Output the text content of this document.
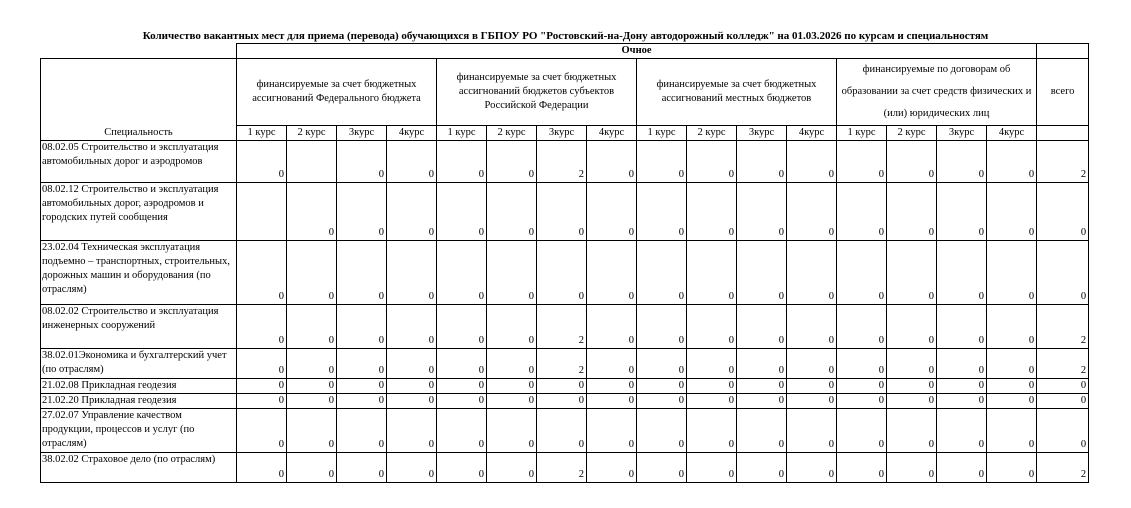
Количество вакантных мест для приема (перевода) обучающихся в ГБПОУ РО "Ростовский-на-Дону автодорожный колледж" на 01.03.2026 по курсам и специальностям
	Очное																
Специальность	финансируемые за счет бюджетных ассигнований Федерального бюджета				финансируемые за счет бюджетных ассигнований бюджетов субъектов Российской Федерации				финансируемые за счет бюджетных ассигнований местных бюджетов				финансируемые по договорам об образовании за счет средств физических и (или) юридических лиц				всего
	1 курс	2 курс	3курс	4курс	1 курс	2 курс	3курс	4курс	1 курс	2 курс	3курс	4курс	1 курс	2 курс	3курс	4курс	
08.02.05 Строительство и эксплуатация автомобильных дорог и аэродромов	0		0	0	0	0	2	0	0	0	0	0	0	0	0	0	2
08.02.12 Строительство и эксплуатация автомобильных дорог, аэродромов и городских путей сообщения		0	0	0	0	0	0	0	0	0	0	0	0	0	0	0	0
23.02.04 Техническая эксплуатация подъемно – транспортных, строительных, дорожных машин и оборудования (по отраслям)	0	0	0	0	0	0	0	0	0	0	0	0	0	0	0	0	0
08.02.02 Строительство и эксплуатация инженерных сооружений	0	0	0	0	0	0	2	0	0	0	0	0	0	0	0	0	2
38.02.01Экономика и бухгалтерский учет (по отраслям)	0	0	0	0	0	0	2	0	0	0	0	0	0	0	0	0	2
21.02.08 Прикладная геодезия	0	0	0	0	0	0	0	0	0	0	0	0	0	0	0	0	0
21.02.20 Прикладная геодезия	0	0	0	0	0	0	0	0	0	0	0	0	0	0	0	0	0
27.02.07 Управление качеством продукции, процессов и услуг (по отраслям)	0	0	0	0	0	0	0	0	0	0	0	0	0	0	0	0	0
38.02.02 Страховое дело (по отраслям)	0	0	0	0	0	0	2	0	0	0	0	0	0	0	0	0	2
